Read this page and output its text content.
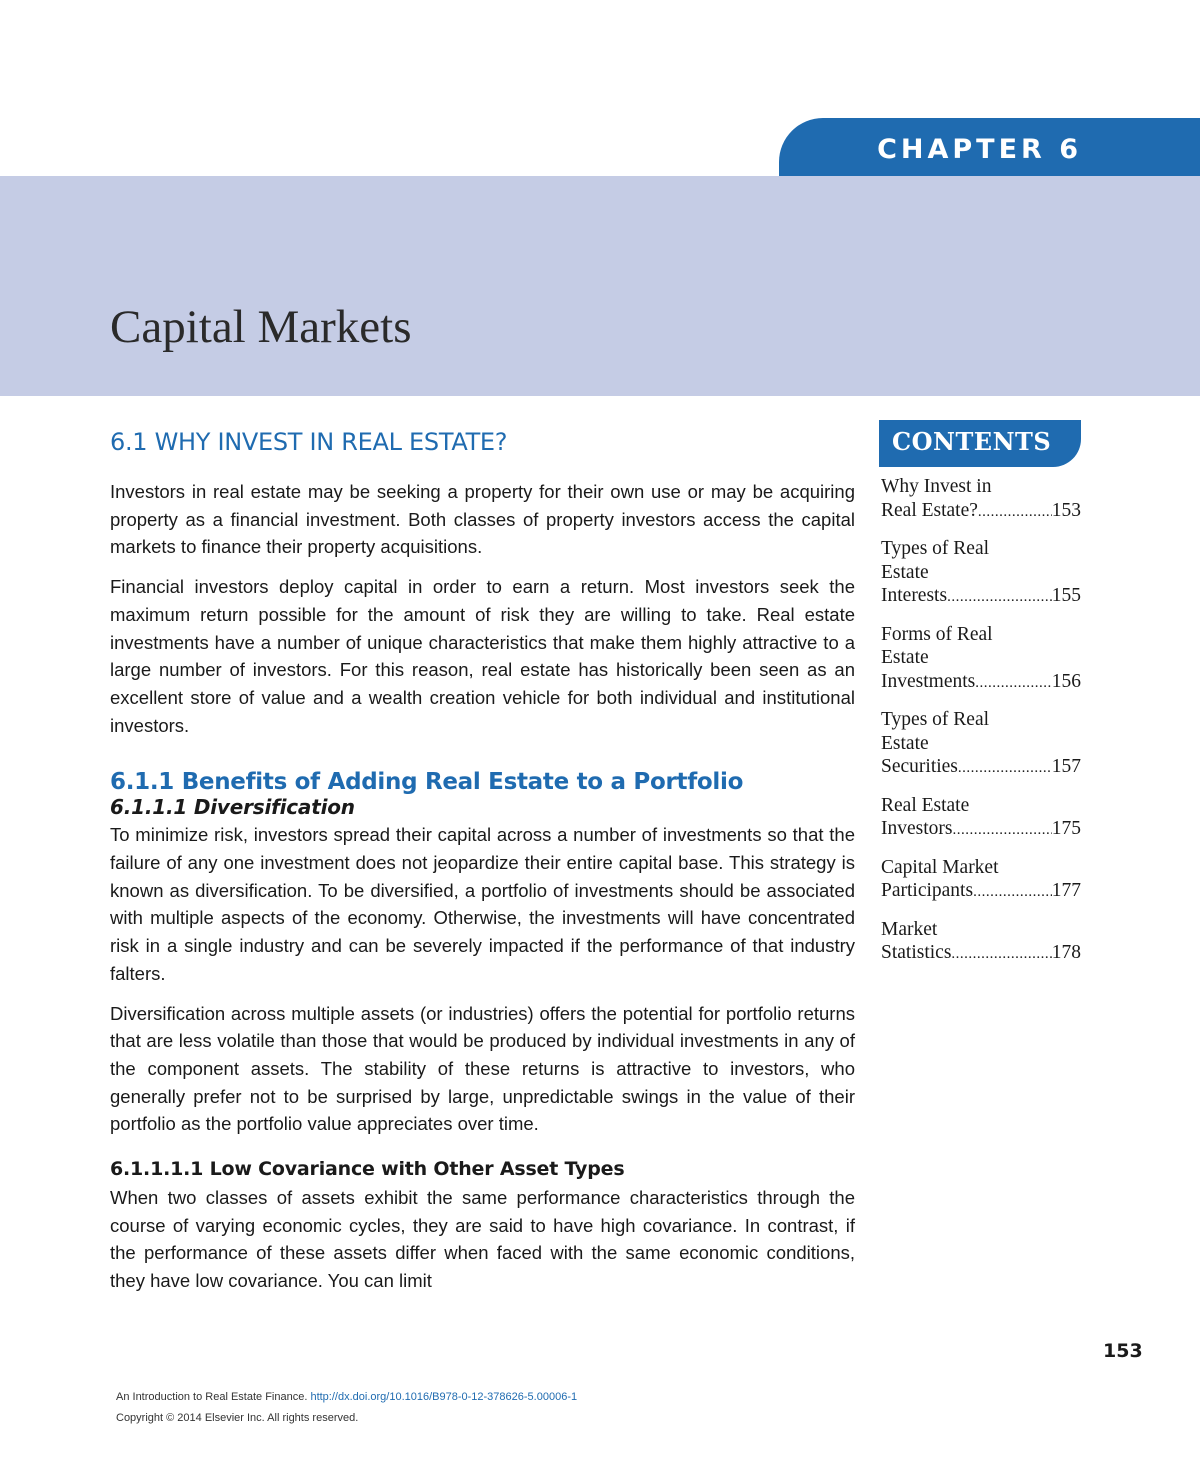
CHAPTER 6
Capital Markets
6.1 WHY INVEST IN REAL ESTATE?

Investors in real estate may be seeking a property for their own use or may be acquiring property as a financial investment. Both classes of property investors access the capital markets to finance their property acquisitions.

Financial investors deploy capital in order to earn a return. Most investors seek the maximum return possible for the amount of risk they are willing to take. Real estate investments have a number of unique characteristics that make them highly attractive to a large number of investors. For this reason, real estate has historically been seen as an excellent store of value and a wealth creation vehicle for both individual and institutional investors.

6.1.1 Benefits of Adding Real Estate to a Portfolio
6.1.1.1 Diversification

To minimize risk, investors spread their capital across a number of investments so that the failure of any one investment does not jeopardize their entire capital base. This strategy is known as diversification. To be diversified, a portfolio of investments should be associated with multiple aspects of the economy. Otherwise, the investments will have concentrated risk in a single industry and can be severely impacted if the performance of that industry falters.

Diversification across multiple assets (or industries) offers the potential for portfolio returns that are less volatile than those that would be produced by individual investments in any of the component assets. The stability of these returns is attractive to investors, who generally prefer not to be surprised by large, unpredictable swings in the value of their portfolio as the portfolio value appreciates over time.

6.1.1.1.1 Low Covariance with Other Asset Types

When two classes of assets exhibit the same performance characteristics through the course of varying economic cycles, they are said to have high covariance. In contrast, if the performance of these assets differ when faced with the same economic conditions, they have low covariance. You can limit

CONTENTS
Why Invest in
Real Estate? .....	153
Types of Real
Estate
Interests .....	155
Forms of Real
Estate
Investments .....	156
Types of Real
Estate
Securities .....	157
Real Estate
Investors .....	175
Capital Market
Participants .....	177
Market
Statistics .....	178
153
An Introduction to Real Estate Finance. http://dx.doi.org/10.1016/B978-0-12-378626-5.00006-1
Copyright © 2014 Elsevier Inc. All rights reserved.
